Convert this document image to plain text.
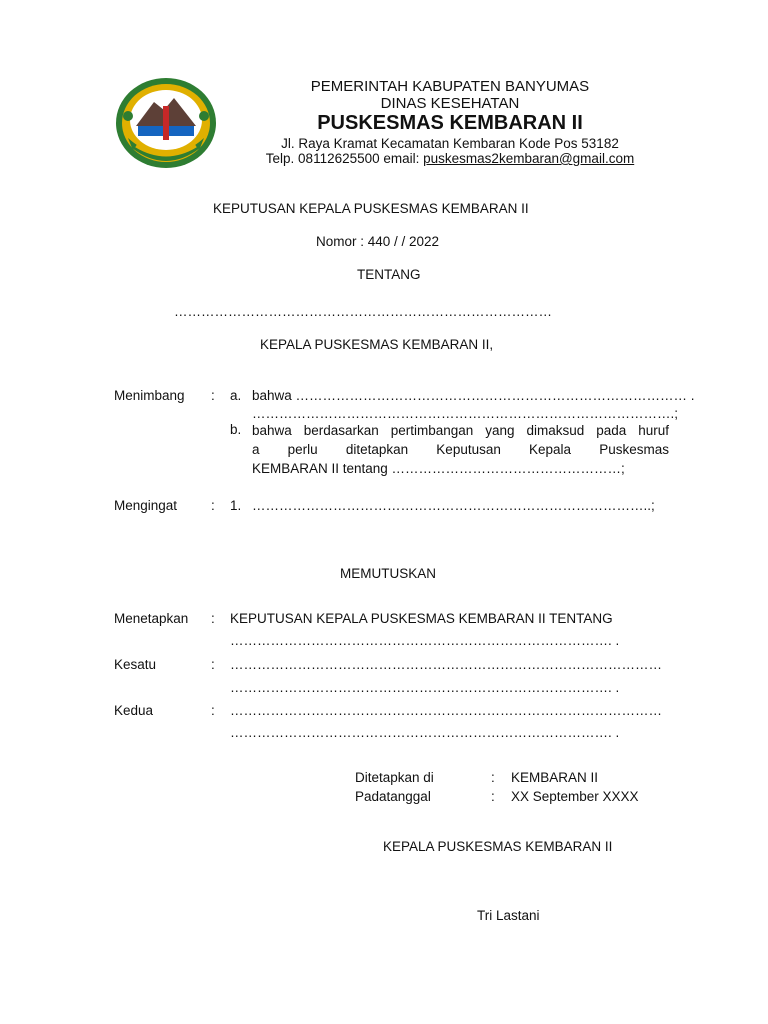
PEMERINTAH KABUPATEN BANYUMAS
DINAS KESEHATAN
PUSKESMAS KEMBARAN II
Jl. Raya Kramat Kecamatan Kembaran Kode Pos 53182
Telp. 08112625500 email: puskesmas2kembaran@gmail.com
KEPUTUSAN KEPALA PUSKESMAS KEMBARAN II
Nomor : 440 / / 2022
TENTANG
…………………………………………………………………………
KEPALA PUSKESMAS KEMBARAN II,
Menimbang : a. bahwa …………………………………………………………………………… .
………………………………………………………………………………….;
b. bahwa berdasarkan pertimbangan yang dimaksud pada huruf
a perlu ditetapkan Keputusan Kepala Puskesmas
KEMBARAN II tentang ……………………………………………;
Mengingat	: 1. ……………………………………………………………………………..;
MEMUTUSKAN
Menetapkan : KEPUTUSAN KEPALA PUSKESMAS KEMBARAN II TENTANG
…………………………………………………………………………. .
Kesatu	: ……………………………………………………………………………………
…………………………………………………………………………. .
Kedua	: ……………………………………………………………………………………
…………………………………………………………………………. .
Ditetapkan di	: KEMBARAN II
Padatanggal	: XX September XXXX
KEPALA PUSKESMAS KEMBARAN II
Tri Lastani
